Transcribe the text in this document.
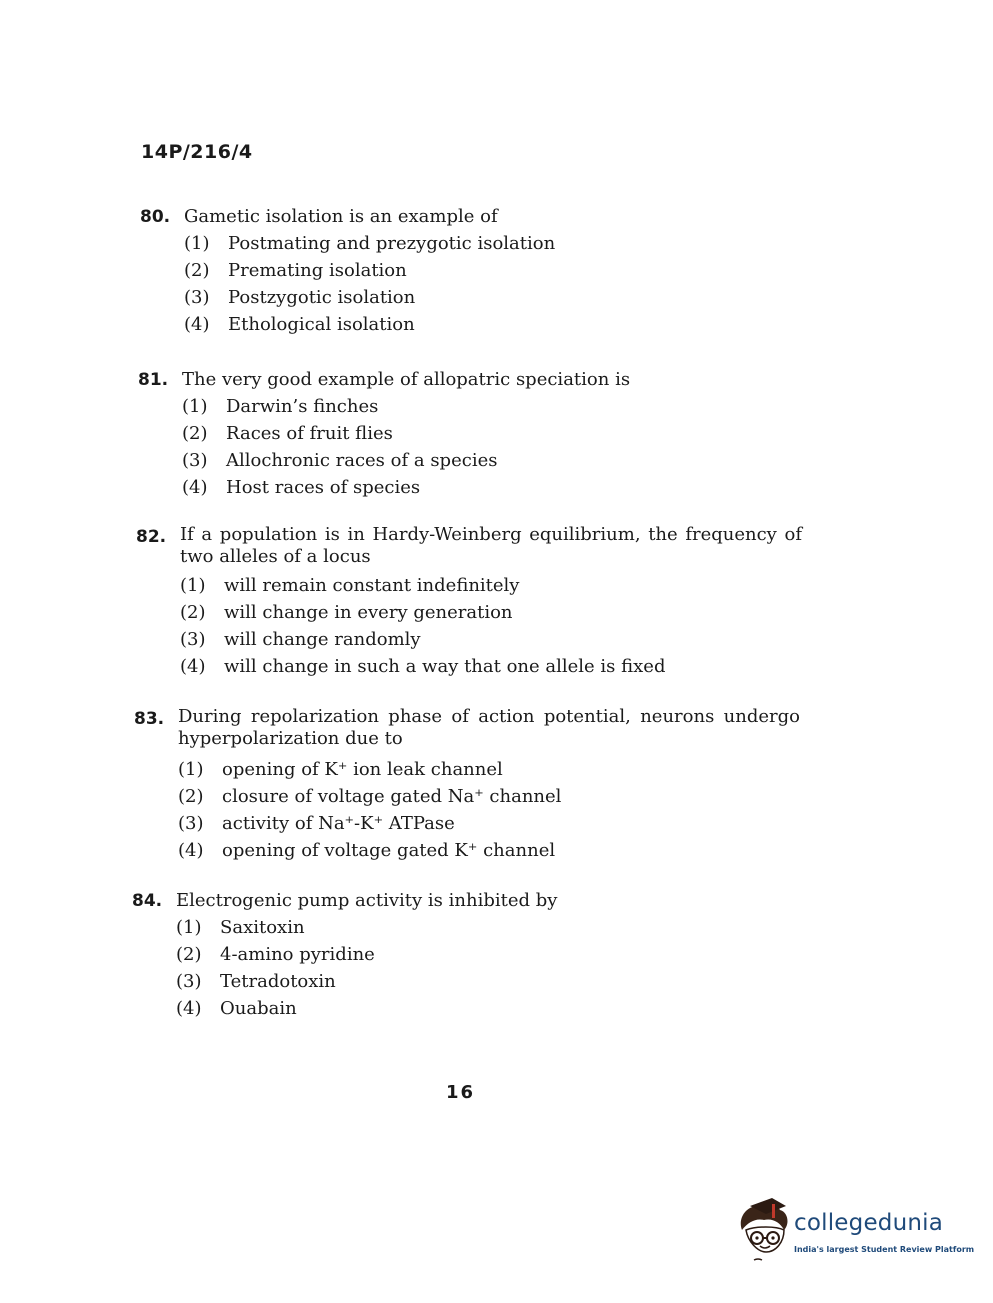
14P/216/4
80. Gametic isolation is an example of
(1)	Postmating and prezygotic isolation
(2)	Premating isolation
(3)	Postzygotic isolation
(4)	Ethological isolation
81. The very good example of allopatric speciation is
(1)	Darwin’s finches
(2)	Races of fruit flies
(3)	Allochronic races of a species
(4)	Host races of species
82. If a population is in Hardy-Weinberg equilibrium, the frequency of two alleles of a locus
(1)	will remain constant indefinitely
(2)	will change in every generation
(3)	will change randomly
(4)	will change in such a way that one allele is fixed
83. During repolarization phase of action potential, neurons undergo hyperpolarization due to
(1)	opening of K⁺ ion leak channel
(2)	closure of voltage gated Na⁺ channel
(3)	activity of Na⁺-K⁺ ATPase
(4)	opening of voltage gated K⁺ channel
84. Electrogenic pump activity is inhibited by
(1)	Saxitoxin
(2)	4-amino pyridine
(3)	Tetradotoxin
(4)	Ouabain
16
collegedunia
India's largest Student Review Platform
